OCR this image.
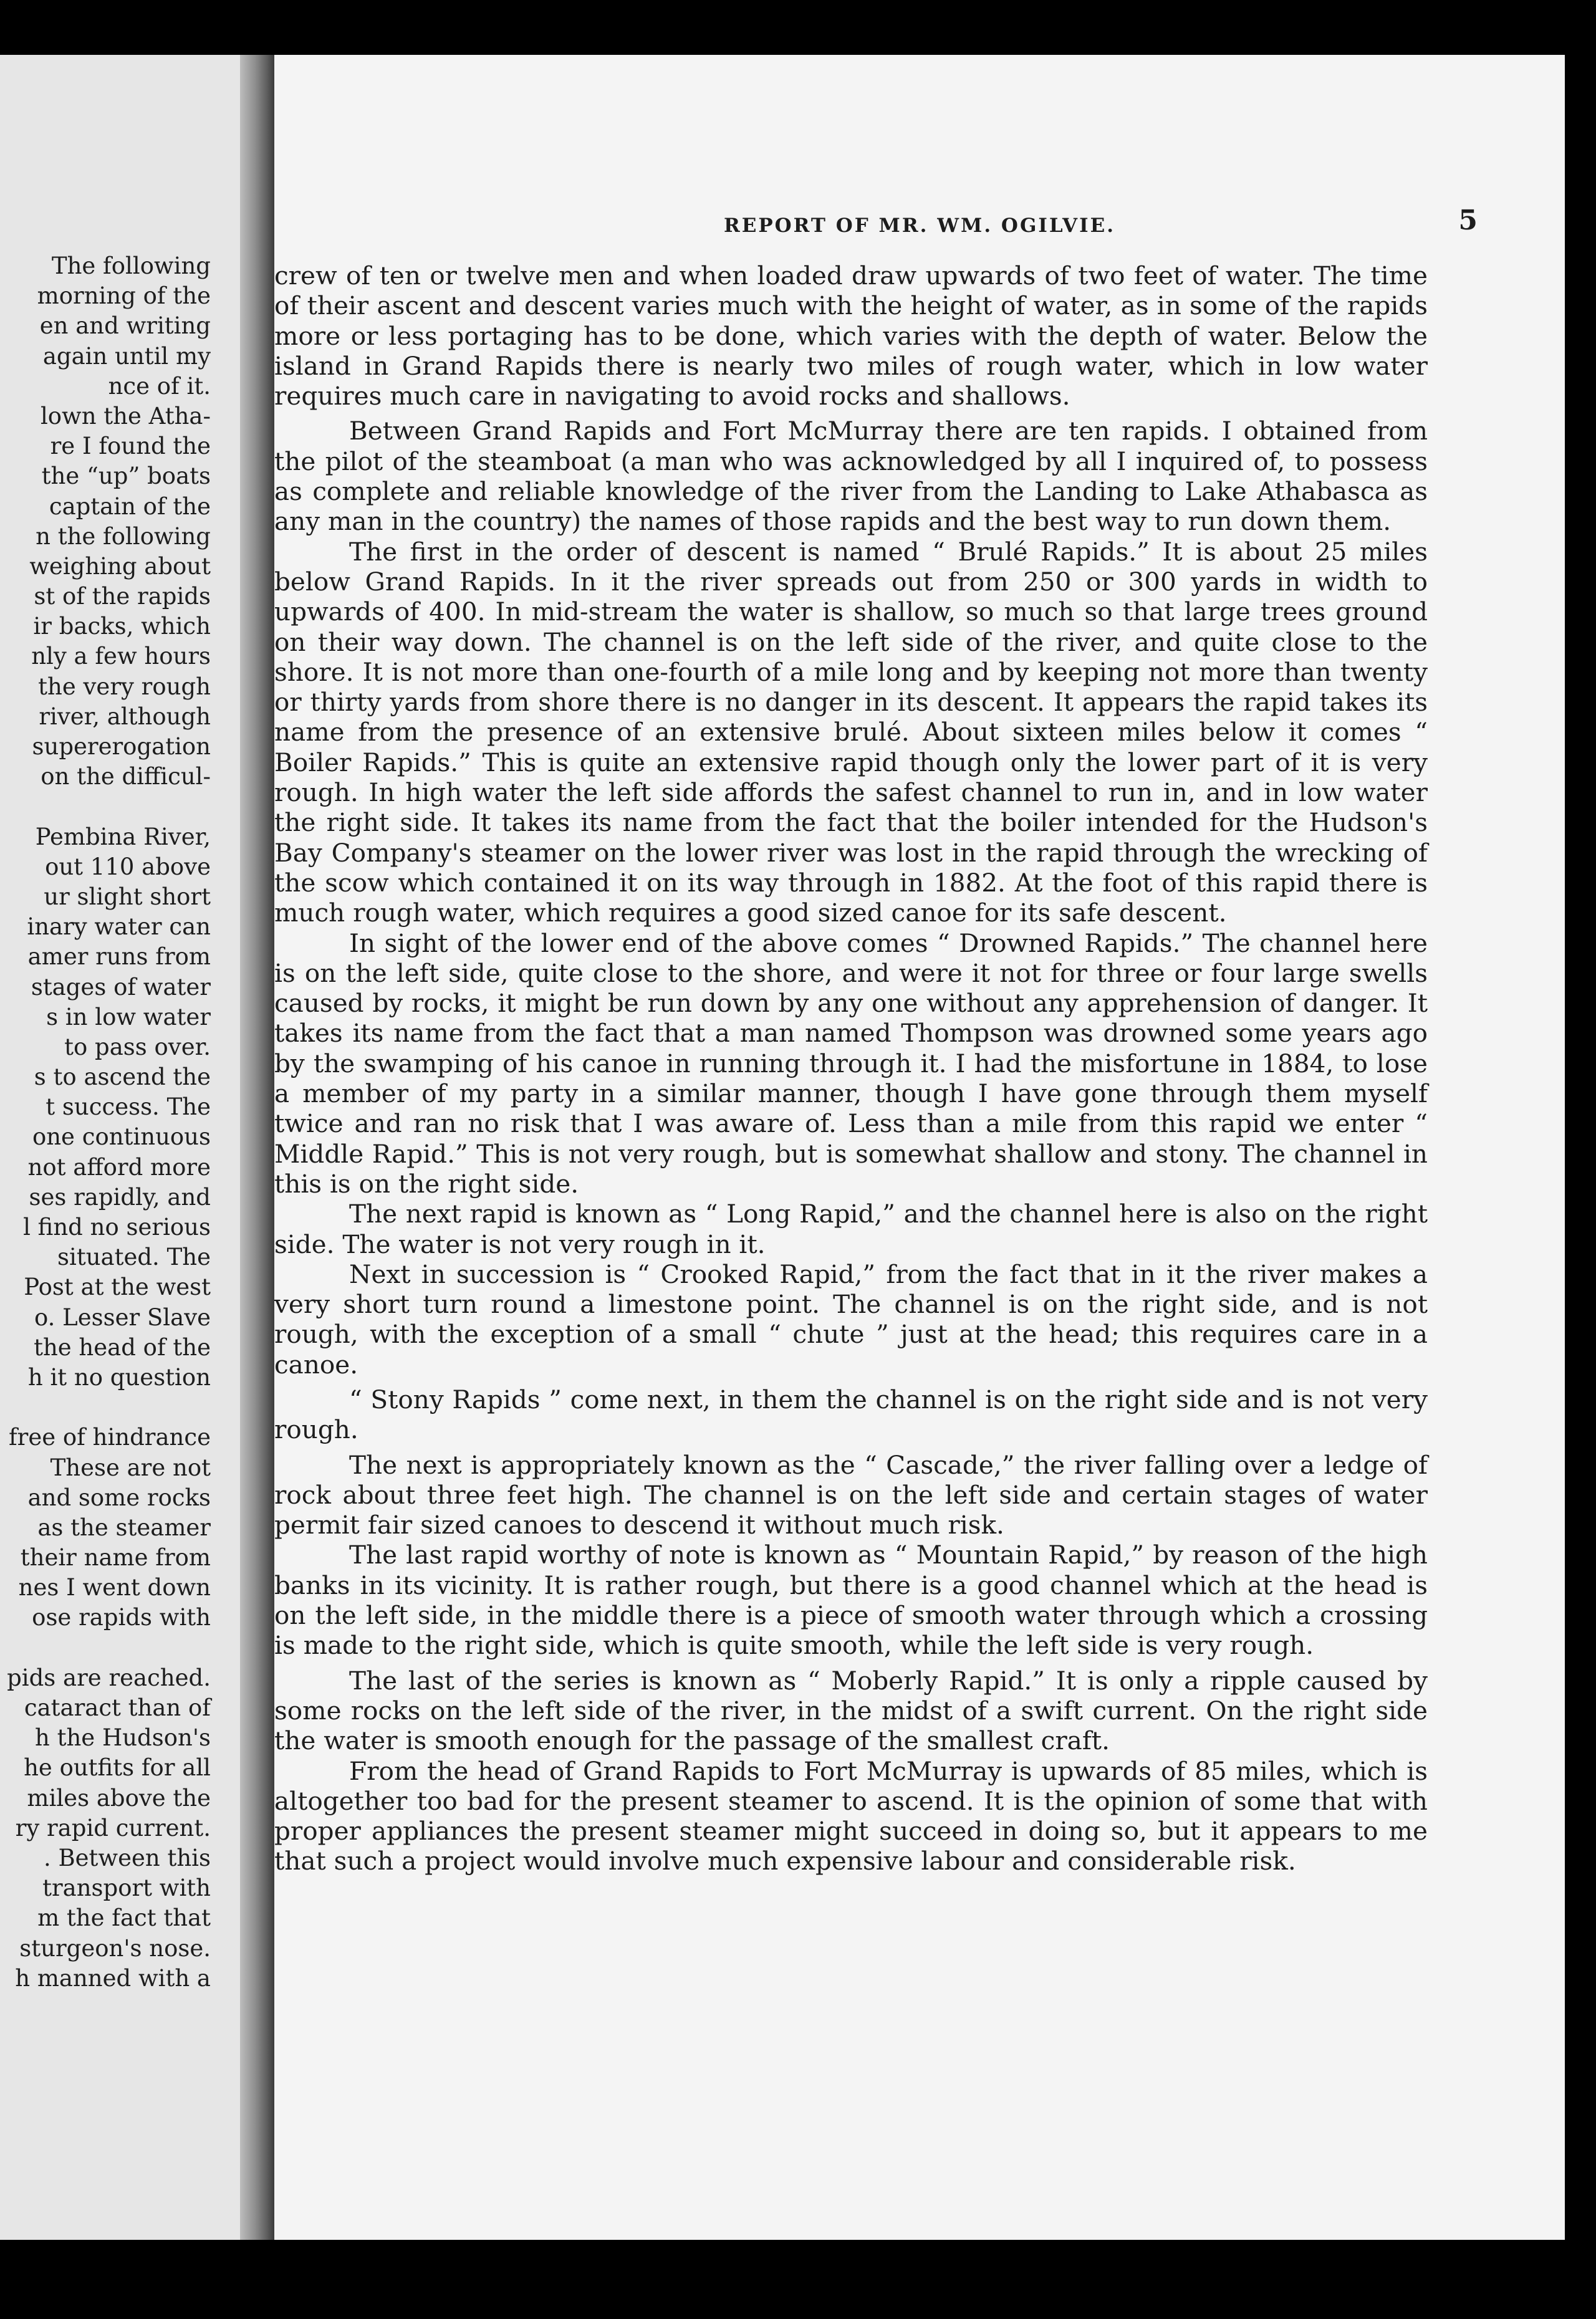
The following
morning of the
en and writing
again until my
nce of it.
lown the Atha-
re I found the
the “up” boats
captain of the
n the following
weighing about
st of the rapids
ir backs, which
nly a few hours
the very rough
river, although
supererogation
on the difficul-
Pembina River,
out 110 above
ur slight short
inary water can
amer runs from
stages of water
s in low water
to pass over.
s to ascend the
t success. The
one continuous
not afford more
ses rapidly, and
l find no serious
situated. The
Post at the west
o. Lesser Slave
the head of the
h it no question
free of hindrance
These are not
and some rocks
as the steamer
their name from
nes I went down
ose rapids with
pids are reached.
cataract than of
h the Hudson's
he outfits for all
miles above the
ry rapid current.
. Between this
transport with
m the fact that
sturgeon's nose.
h manned with a
REPORT OF MR. WM. OGILVIE.	5

crew of ten or twelve men and when loaded draw upwards of two feet of water. The time of their ascent and descent varies much with the height of water, as in some of the rapids more or less portaging has to be done, which varies with the depth of water. Below the island in Grand Rapids there is nearly two miles of rough water, which in low water requires much care in navigating to avoid rocks and shallows.

Between Grand Rapids and Fort McMurray there are ten rapids. I obtained from the pilot of the steamboat (a man who was acknowledged by all I inquired of, to possess as complete and reliable knowledge of the river from the Landing to Lake Athabasca as any man in the country) the names of those rapids and the best way to run down them.

The first in the order of descent is named “ Brulé Rapids.” It is about 25 miles below Grand Rapids. In it the river spreads out from 250 or 300 yards in width to upwards of 400. In mid-stream the water is shallow, so much so that large trees ground on their way down. The channel is on the left side of the river, and quite close to the shore. It is not more than one-fourth of a mile long and by keeping not more than twenty or thirty yards from shore there is no danger in its descent. It appears the rapid takes its name from the presence of an extensive brulé. About sixteen miles below it comes “ Boiler Rapids.” This is quite an extensive rapid though only the lower part of it is very rough. In high water the left side affords the safest channel to run in, and in low water the right side. It takes its name from the fact that the boiler intended for the Hudson's Bay Company's steamer on the lower river was lost in the rapid through the wrecking of the scow which contained it on its way through in 1882. At the foot of this rapid there is much rough water, which requires a good sized canoe for its safe descent.

In sight of the lower end of the above comes “ Drowned Rapids.” The channel here is on the left side, quite close to the shore, and were it not for three or four large swells caused by rocks, it might be run down by any one without any apprehension of danger. It takes its name from the fact that a man named Thompson was drowned some years ago by the swamping of his canoe in running through it. I had the misfortune in 1884, to lose a member of my party in a similar manner, though I have gone through them myself twice and ran no risk that I was aware of. Less than a mile from this rapid we enter “ Middle Rapid.” This is not very rough, but is somewhat shallow and stony. The channel in this is on the right side.

The next rapid is known as “ Long Rapid,” and the channel here is also on the right side. The water is not very rough in it.

Next in succession is “ Crooked Rapid,” from the fact that in it the river makes a very short turn round a limestone point. The channel is on the right side, and is not rough, with the exception of a small “ chute ” just at the head; this requires care in a canoe.

“ Stony Rapids ” come next, in them the channel is on the right side and is not very rough.

The next is appropriately known as the “ Cascade,” the river falling over a ledge of rock about three feet high. The channel is on the left side and certain stages of water permit fair sized canoes to descend it without much risk.

The last rapid worthy of note is known as “ Mountain Rapid,” by reason of the high banks in its vicinity. It is rather rough, but there is a good channel which at the head is on the left side, in the middle there is a piece of smooth water through which a crossing is made to the right side, which is quite smooth, while the left side is very rough.

The last of the series is known as “ Moberly Rapid.” It is only a ripple caused by some rocks on the left side of the river, in the midst of a swift current. On the right side the water is smooth enough for the passage of the smallest craft.

From the head of Grand Rapids to Fort McMurray is upwards of 85 miles, which is altogether too bad for the present steamer to ascend. It is the opinion of some that with proper appliances the present steamer might succeed in doing so, but it appears to me that such a project would involve much expensive labour and considerable risk.
